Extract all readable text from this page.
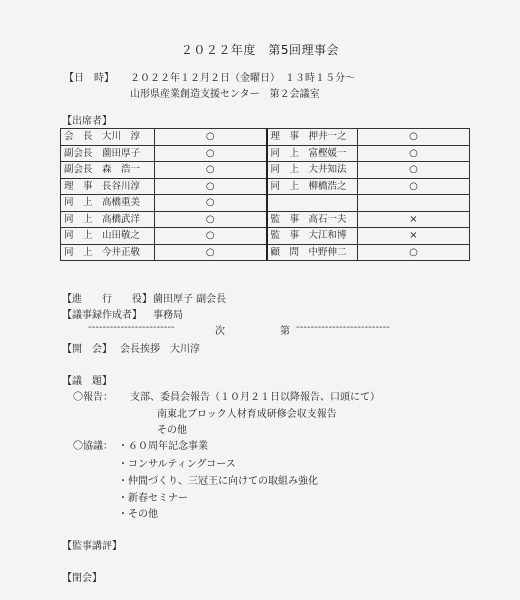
２０２２年度　第5回理事会
【日　時】 ２０２２年１２月２日（金曜日）　１３時１５分～
山形県産業創造支援センター　第２会議室
【出席者】
会　長　大川　淳	○	理　事　押井一之	○
副会長　薗田厚子	○	同　上　富樫媛一	○
副会長　森　浩一	○	同　上　大井知法	○
理　事　長谷川淳	○	同　上　柳橋浩之	○
同　上　高橋重美	○		
同　上　高橋武洋	○	監　事　高石一夫	×
同　上　山田敬之	○	監　事　大江和博	×
同　上　今井正敬	○	顧　問　中野伸二	○
【進　　行　　役】 薗田厚子 副会長
【議事録作成者】 事務局
------------------------	次	第 --------------------------
【開　会】 会長挨拶　大川淳
【議　題】
〇報告： 支部、委員会報告（１０月２１日以降報告、口頭にて）
南東北ブロック人材育成研修会収支報告
その他
〇協議： ・６０周年記念事業
・コンサルティングコース
・仲間づくり、三冠王に向けての取組み強化
・新春セミナー
・その他
【監事講評】
【閉会】
